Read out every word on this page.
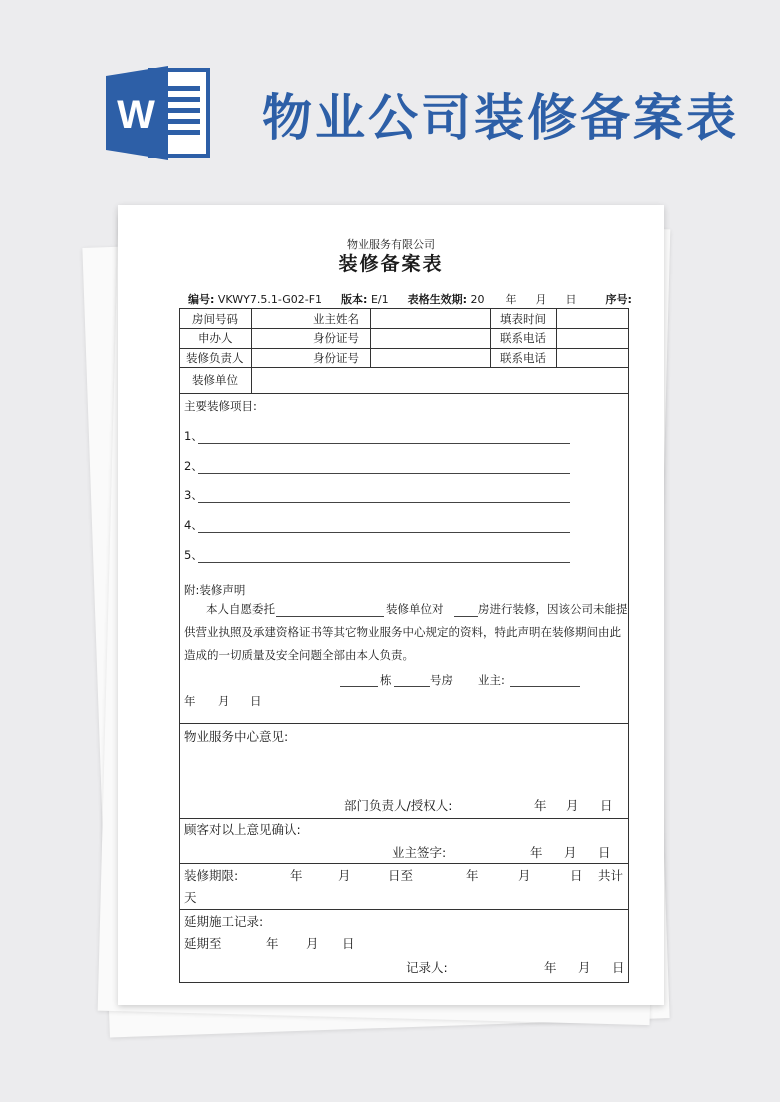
W 物业公司装修备案表
物业服务有限公司
装修备案表
编号: VKWY7.5.1-G02-F1 版本: E/1 表格生效期: 20 年 月 日	序号:
房间号码	业主姓名	填表时间
申办人	身份证号	联系电话
装修负责人	身份证号	联系电话
装修单位
主要装修项目:
1、
2、
3、
4、
5、
附:装修声明
本人自愿委托	装修单位对	房进行装修，因该公司未能提
供营业执照及承建资格证书等其它物业服务中心规定的资料，特此声明在装修期间由此
造成的一切质量及安全问题全部由本人负责。
栋	号房 业主:
年 月 日
物业服务中心意见:
部门负责人/授权人:	年 月 日
顾客对以上意见确认:
业主签字:	年 月 日
装修期限:	年	月	日至	年	月	日 共计
天
延期施工记录:
延期至	年 月 日
记录人:	年 月 日
